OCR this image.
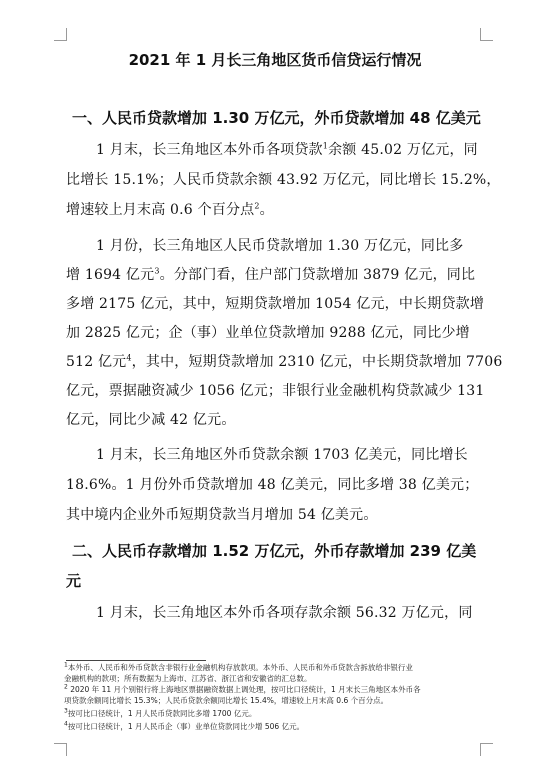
2021 年 1 月长三角地区货币信贷运行情况
一、人民币贷款增加 1.30 万亿元，外币贷款增加 48 亿美元
1 月末，长三角地区本外币各项贷款$^1$余额 45.02 万亿元，同
比增长 15.1%；人民币贷款余额 43.92 万亿元，同比增长 15.2%，
增速较上月末高 0.6 个百分点$^2$。
1 月份，长三角地区人民币贷款增加 1.30 万亿元，同比多
增 1694 亿元$^3$。分部门看，住户部门贷款增加 3879 亿元，同比
多增 2175 亿元，其中，短期贷款增加 1054 亿元，中长期贷款增
加 2825 亿元；企（事）业单位贷款增加 9288 亿元，同比少增
512 亿元$^4$，其中，短期贷款增加 2310 亿元，中长期贷款增加 7706
亿元，票据融资减少 1056 亿元；非银行业金融机构贷款减少 131
亿元，同比少减 42 亿元。
1 月末，长三角地区外币贷款余额 1703 亿美元，同比增长
18.6%。1 月份外币贷款增加 48 亿美元，同比多增 38 亿美元；
其中境内企业外币短期贷款当月增加 54 亿美元。
二、人民币存款增加 1.52 万亿元，外币存款增加 239 亿美
元
1 月末，长三角地区本外币各项存款余额 56.32 万亿元，同
$^1$本外币、人民币和外币贷款含非银行业金融机构存放款项。本外币、人民币和外币贷款含拆放给非银行业
金融机构的款项；所有数据为上海市、江苏省、浙江省和安徽省的汇总数。
$^2$ 2020 年 11 月个别银行将上海地区票据融资数据上调处理，按可比口径统计，1 月末长三角地区本外币各
项贷款余额同比增长 15.3%；人民币贷款余额同比增长 15.4%，增速较上月末高 0.6 个百分点。
$^3$按可比口径统计，1 月人民币贷款同比多增 1700 亿元。
$^4$按可比口径统计，1 月人民币企（事）业单位贷款同比少增 506 亿元。
